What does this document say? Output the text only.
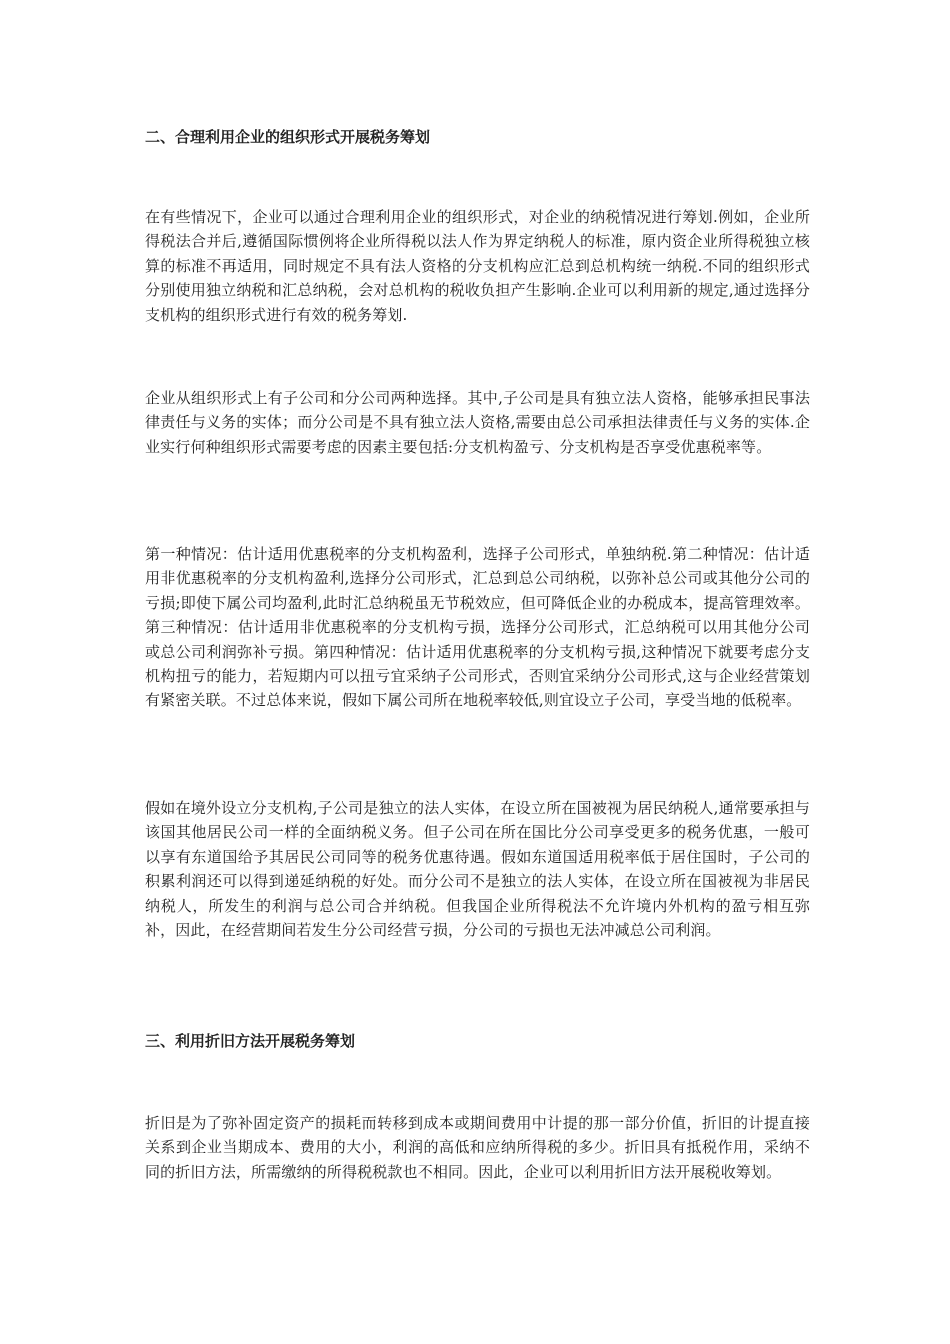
二、合理利用企业的组织形式开展税务筹划

在有些情况下，企业可以通过合理利用企业的组织形式，对企业的纳税情况进行筹划.例如，企业所得税法合并后,遵循国际惯例将企业所得税以法人作为界定纳税人的标准，原内资企业所得税独立核算的标准不再适用，同时规定不具有法人资格的分支机构应汇总到总机构统一纳税.不同的组织形式分别使用独立纳税和汇总纳税，会对总机构的税收负担产生影响.企业可以利用新的规定,通过选择分支机构的组织形式进行有效的税务筹划.

企业从组织形式上有子公司和分公司两种选择。其中,子公司是具有独立法人资格，能够承担民事法律责任与义务的实体；而分公司是不具有独立法人资格,需要由总公司承担法律责任与义务的实体.企业实行何种组织形式需要考虑的因素主要包括:分支机构盈亏、分支机构是否享受优惠税率等。

第一种情况：估计适用优惠税率的分支机构盈利，选择子公司形式，单独纳税.第二种情况：估计适用非优惠税率的分支机构盈利,选择分公司形式，汇总到总公司纳税，以弥补总公司或其他分公司的亏损;即使下属公司均盈利,此时汇总纳税虽无节税效应，但可降低企业的办税成本，提高管理效率。第三种情况：估计适用非优惠税率的分支机构亏损，选择分公司形式，汇总纳税可以用其他分公司或总公司利润弥补亏损。第四种情况：估计适用优惠税率的分支机构亏损,这种情况下就要考虑分支机构扭亏的能力，若短期内可以扭亏宜采纳子公司形式，否则宜采纳分公司形式,这与企业经营策划有紧密关联。不过总体来说，假如下属公司所在地税率较低,则宜设立子公司，享受当地的低税率。

假如在境外设立分支机构,子公司是独立的法人实体，在设立所在国被视为居民纳税人,通常要承担与该国其他居民公司一样的全面纳税义务。但子公司在所在国比分公司享受更多的税务优惠，一般可以享有东道国给予其居民公司同等的税务优惠待遇。假如东道国适用税率低于居住国时，子公司的积累利润还可以得到递延纳税的好处。而分公司不是独立的法人实体，在设立所在国被视为非居民纳税人，所发生的利润与总公司合并纳税。但我国企业所得税法不允许境内外机构的盈亏相互弥补，因此，在经营期间若发生分公司经营亏损，分公司的亏损也无法冲减总公司利润。

三、利用折旧方法开展税务筹划

折旧是为了弥补固定资产的损耗而转移到成本或期间费用中计提的那一部分价值，折旧的计提直接关系到企业当期成本、费用的大小，利润的高低和应纳所得税的多少。折旧具有抵税作用，采纳不同的折旧方法，所需缴纳的所得税税款也不相同。因此，企业可以利用折旧方法开展税收筹划。
